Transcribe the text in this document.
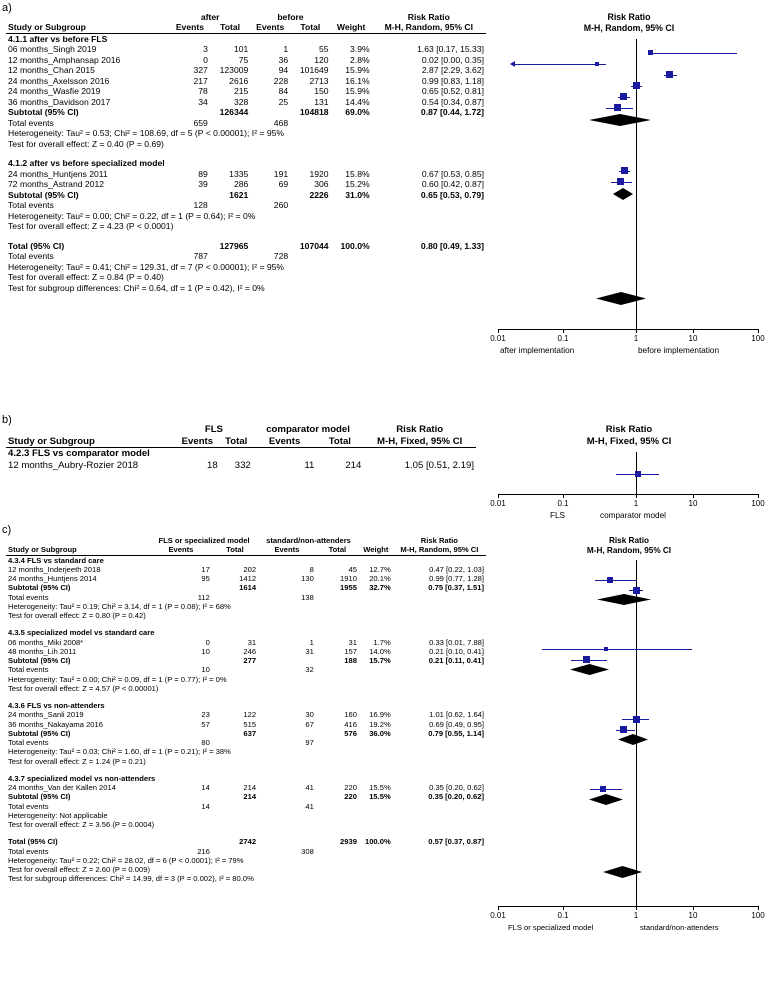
a)
	after		before			Risk Ratio
Study or Subgroup	Events	Total	Events	Total	Weight	M-H, Random, 95% CI

4.1.1 after vs before FLS						
06 months_Singh 2019	3	101	1	55	3.9%	1.63 [0.17, 15.33]
12 months_Amphansap 2016	0	75	36	120	2.8%	0.02 [0.00, 0.35]
12 months_Chan 2015	327	123009	94	101649	15.9%	2.87 [2.29, 3.62]
24 months_Axelsson 2016	217	2616	228	2713	16.1%	0.99 [0.83, 1.18]
24 months_Wasfie 2019	78	215	84	150	15.9%	0.65 [0.52, 0.81]
36 months_Davidson 2017	34	328	25	131	14.4%	0.54 [0.34, 0.87]
Subtotal (95% CI)		126344		104818	69.0%	0.87 [0.44, 1.72]
Total events	659		468			
Heterogeneity: Tau² = 0.53; Chi² = 108.69, df = 5 (P < 0.00001); I² = 95%						
Test for overall effect: Z = 0.40 (P = 0.69)						

4.1.2 after vs before specialized model						
24 months_Huntjens 2011	89	1335	191	1920	15.8%	0.67 [0.53, 0.85]
72 months_Astrand 2012	39	286	69	306	15.2%	0.60 [0.42, 0.87]
Subtotal (95% CI)		1621		2226	31.0%	0.65 [0.53, 0.79]
Total events	128		260			
Heterogeneity: Tau² = 0.00; Chi² = 0.22, df = 1 (P = 0.64); I² = 0%						
Test for overall effect: Z = 4.23 (P < 0.0001)						

Total (95% CI)		127965		107044	100.0%	0.80 [0.49, 1.33]
Total events	787		728			
Heterogeneity: Tau² = 0.41; Chi² = 129.31, df = 7 (P < 0.00001); I² = 95%						
Test for overall effect: Z = 0.84 (P = 0.40)						
Test for subgroup differences: Chi² = 0.64, df = 1 (P = 0.42), I² = 0%						
Risk Ratio
M-H, Random, 95% CI
0.01	0.1	1	10	100
after implementation	before implementation
b)
	FLS		comparator model		Risk Ratio
Study or Subgroup	Events	Total	Events	Total	M-H, Fixed, 95% CI

4.2.3 FLS vs comparator model					
12 months_Aubry-Rozier 2018	18	332	11	214	1.05 [0.51, 2.19]
Risk Ratio
M-H, Fixed, 95% CI
0.01	0.1	1	10	100
FLS	comparator model
c)
	FLS or specialized model		standard/non-attenders			Risk Ratio
Study or Subgroup	Events	Total	Events	Total	Weight	M-H, Random, 95% CI

4.3.4 FLS vs standard care						
12 months_Inderjeeth 2018	17	202	8	45	12.7%	0.47 [0.22, 1.03]
24 months_Huntjens 2014	95	1412	130	1910	20.1%	0.99 [0.77, 1.28]
Subtotal (95% CI)		1614		1955	32.7%	0.75 [0.37, 1.51]
Total events	112		138			
Heterogeneity: Tau² = 0.19; Chi² = 3.14, df = 1 (P = 0.08); I² = 68%						
Test for overall effect: Z = 0.80 (P = 0.42)						

4.3.5 specialized model vs standard care						
06 months_Miki 2008*	0	31	1	31	1.7%	0.33 [0.01, 7.88]
48 months_Lih 2011	10	246	31	157	14.0%	0.21 [0.10, 0.41]
Subtotal (95% CI)		277		188	15.7%	0.21 [0.11, 0.41]
Total events	10		32			
Heterogeneity: Tau² = 0.00; Chi² = 0.09, df = 1 (P = 0.77); I² = 0%						
Test for overall effect: Z = 4.57 (P < 0.00001)						

4.3.6 FLS vs non-attenders						
24 months_Sanli 2019	23	122	30	160	16.9%	1.01 [0.62, 1.64]
36 months_Nakayama 2016	57	515	67	416	19.2%	0.69 [0.49, 0.95]
Subtotal (95% CI)		637		576	36.0%	0.79 [0.55, 1.14]
Total events	80		97			
Heterogeneity: Tau² = 0.03; Chi² = 1.60, df = 1 (P = 0.21); I² = 38%						
Test for overall effect: Z = 1.24 (P = 0.21)						

4.3.7 specialized model vs non-attenders						
24 months_Van der Kallen 2014	14	214	41	220	15.5%	0.35 [0.20, 0.62]
Subtotal (95% CI)		214		220	15.5%	0.35 [0.20, 0.62]
Total events	14		41			
Heterogeneity: Not applicable						
Test for overall effect: Z = 3.56 (P = 0.0004)						

Total (95% CI)		2742		2939	100.0%	0.57 [0.37, 0.87]
Total events	216		308			
Heterogeneity: Tau² = 0.22; Chi² = 28.02, df = 6 (P < 0.0001); I² = 79%						
Test for overall effect: Z = 2.60 (P = 0.009)						
Test for subgroup differences: Chi² = 14.99, df = 3 (P = 0.002), I² = 80.0%						
Risk Ratio
M-H, Random, 95% CI
0.01	0.1	1	10	100
FLS or specialized model	standard/non-attenders
